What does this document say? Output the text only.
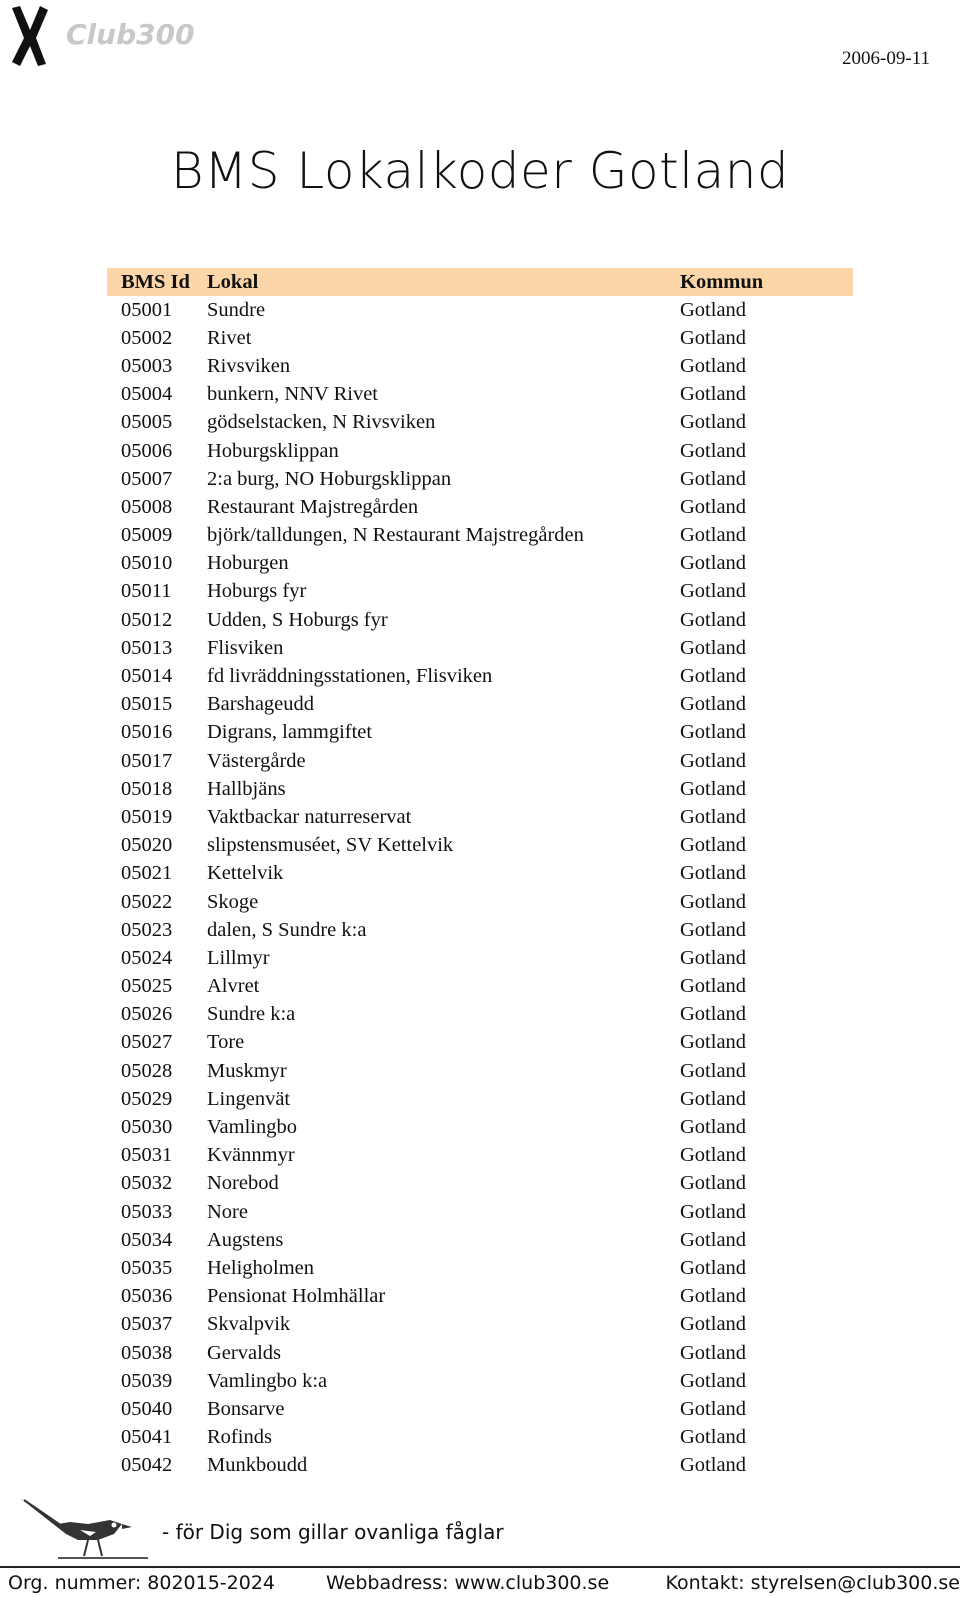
Club300
2006-09-11
BMS Lokalkoder Gotland
BMS Id	Lokal	Kommun
05001	Sundre	Gotland
05002	Rivet	Gotland
05003	Rivsviken	Gotland
05004	bunkern, NNV Rivet	Gotland
05005	gödselstacken, N Rivsviken	Gotland
05006	Hoburgsklippan	Gotland
05007	2:a burg, NO Hoburgsklippan	Gotland
05008	Restaurant Majstregården	Gotland
05009	björk/talldungen, N Restaurant Majstregården	Gotland
05010	Hoburgen	Gotland
05011	Hoburgs fyr	Gotland
05012	Udden, S Hoburgs fyr	Gotland
05013	Flisviken	Gotland
05014	fd livräddningsstationen, Flisviken	Gotland
05015	Barshageudd	Gotland
05016	Digrans, lammgiftet	Gotland
05017	Västergårde	Gotland
05018	Hallbjäns	Gotland
05019	Vaktbackar naturreservat	Gotland
05020	slipstensmuséet, SV Kettelvik	Gotland
05021	Kettelvik	Gotland
05022	Skoge	Gotland
05023	dalen, S Sundre k:a	Gotland
05024	Lillmyr	Gotland
05025	Alvret	Gotland
05026	Sundre k:a	Gotland
05027	Tore	Gotland
05028	Muskmyr	Gotland
05029	Lingenvät	Gotland
05030	Vamlingbo	Gotland
05031	Kvännmyr	Gotland
05032	Norebod	Gotland
05033	Nore	Gotland
05034	Augstens	Gotland
05035	Heligholmen	Gotland
05036	Pensionat Holmhällar	Gotland
05037	Skvalpvik	Gotland
05038	Gervalds	Gotland
05039	Vamlingbo k:a	Gotland
05040	Bonsarve	Gotland
05041	Rofinds	Gotland
05042	Munkboudd	Gotland
- för Dig som gillar ovanliga fåglar
Org. nummer: 802015-2024	Webbadress: www.club300.se	Kontakt: styrelsen@club300.se
